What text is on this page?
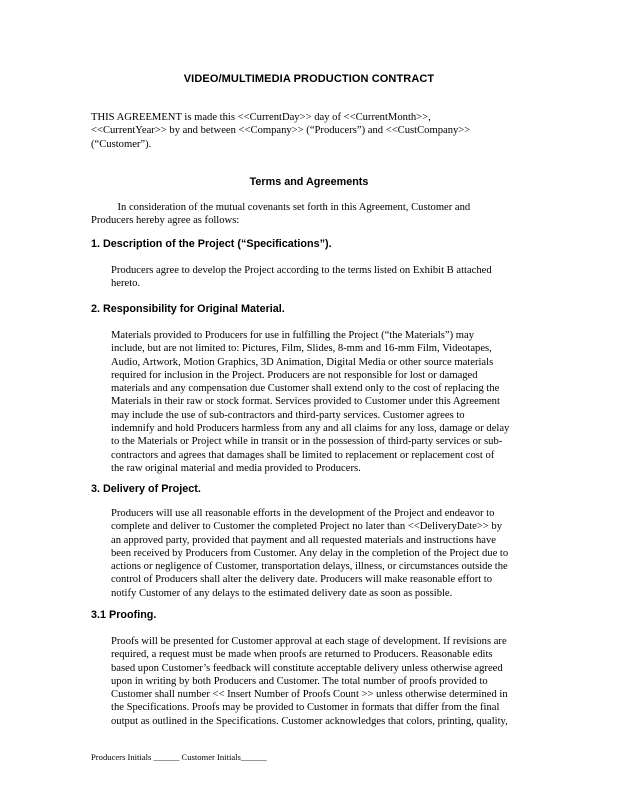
VIDEO/MULTIMEDIA PRODUCTION CONTRACT
THIS AGREEMENT is made this <<CurrentDay>> day of <<CurrentMonth>>,
<<CurrentYear>> by and between <<Company>> (“Producers”) and <<CustCompany>>
(“Customer”).
Terms and Agreements
In consideration of the mutual covenants set forth in this Agreement, Customer and
Producers hereby agree as follows:
1. Description of the Project (“Specifications”).
Producers agree to develop the Project according to the terms listed on Exhibit B attached
hereto.
2. Responsibility for Original Material.
Materials provided to Producers for use in fulfilling the Project (“the Materials”) may
include, but are not limited to: Pictures, Film, Slides, 8-mm and 16-mm Film, Videotapes,
Audio, Artwork, Motion Graphics, 3D Animation, Digital Media or other source materials
required for inclusion in the Project. Producers are not responsible for lost or damaged
materials and any compensation due Customer shall extend only to the cost of replacing the
Materials in their raw or stock format. Services provided to Customer under this Agreement
may include the use of sub-contractors and third-party services. Customer agrees to
indemnify and hold Producers harmless from any and all claims for any loss, damage or delay
to the Materials or Project while in transit or in the possession of third-party services or sub-
contractors and agrees that damages shall be limited to replacement or replacement cost of
the raw original material and media provided to Producers.
3. Delivery of Project.
Producers will use all reasonable efforts in the development of the Project and endeavor to
complete and deliver to Customer the completed Project no later than <<DeliveryDate>> by
an approved party, provided that payment and all requested materials and instructions have
been received by Producers from Customer. Any delay in the completion of the Project due to
actions or negligence of Customer, transportation delays, illness, or circumstances outside the
control of Producers shall alter the delivery date. Producers will make reasonable effort to
notify Customer of any delays to the estimated delivery date as soon as possible.
3.1 Proofing.
Proofs will be presented for Customer approval at each stage of development. If revisions are
required, a request must be made when proofs are returned to Producers. Reasonable edits
based upon Customer’s feedback will constitute acceptable delivery unless otherwise agreed
upon in writing by both Producers and Customer. The total number of proofs provided to
Customer shall number << Insert Number of Proofs Count >> unless otherwise determined in
the Specifications. Proofs may be provided to Customer in formats that differ from the final
output as outlined in the Specifications. Customer acknowledges that colors, printing, quality,
Producers Initials ______ Customer Initials______
